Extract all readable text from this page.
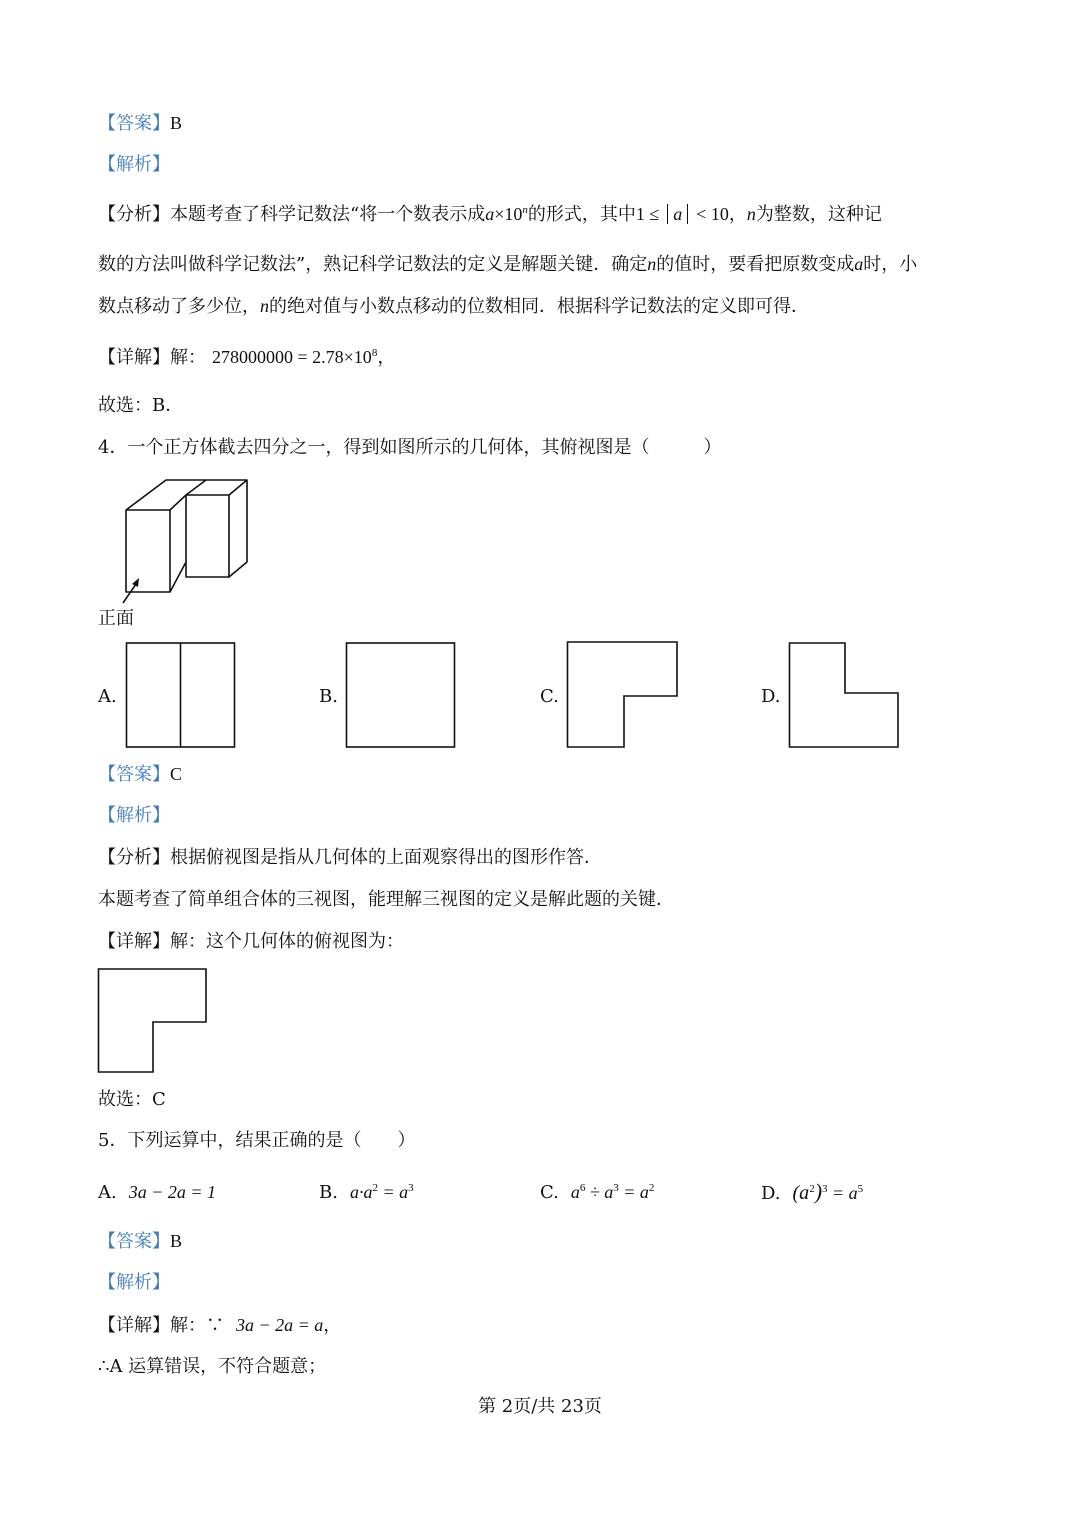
【答案】B
【解析】
【分析】本题考查了科学记数法“将一个数表示成$a\times 10^n$的形式，其中1 ≤ a < 10，n为整数，这种记
数的方法叫做科学记数法”，熟记科学记数法的定义是解题关键．确定n的值时，要看把原数变成a时，小
数点移动了多少位，n的绝对值与小数点移动的位数相同．根据科学记数法的定义即可得．
【详解】解： $278000000 = 2.78\times 10^8$，
故选：B．
4．一个正方体截去四分之一，得到如图所示的几何体，其俯视图是（　　　）
正面
A.	B.	C.	D.
【答案】C
【解析】
【分析】根据俯视图是指从几何体的上面观察得出的图形作答．
本题考查了简单组合体的三视图，能理解三视图的定义是解此题的关键．
【详解】解：这个几何体的俯视图为：
故选：C
5．下列运算中，结果正确的是（　　）
A. 3a − 2a = 1	B. $a\cdot a^2 = a^3$	C. $a^6 \div a^3 = a^2$	D. $(a^2)^3 = a^5$
【答案】B
【解析】
【详解】解：∵ 3a − 2a = a，
∴A 运算错误，不符合题意；
第 2页/共 23页
